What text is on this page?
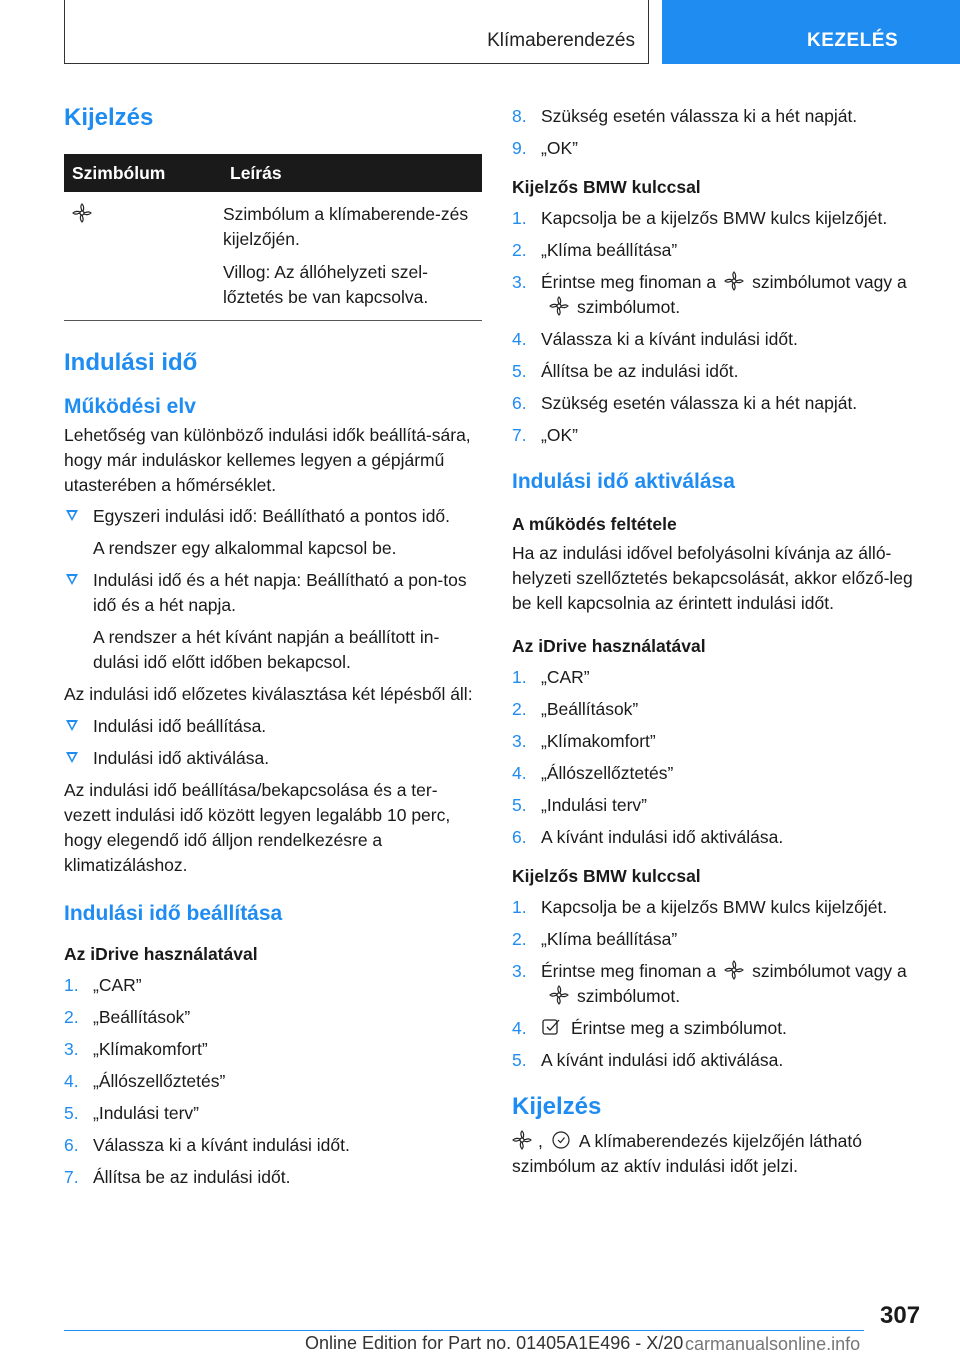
Klímaberendezés	KEZELÉS
Kijelzés
Szimbólum	Leírás

Szimbólum a klímaberende-zés kijelzőjén.

Villog: Az állóhelyzeti szel-lőztetés be van kapcsolva.

Indulási idő
Működési elv

Lehetőség van különböző indulási idők beállítá-sára, hogy már induláskor kellemes legyen a gépjármű utasterében a hőmérséklet.

Egyszeri indulási idő: Beállítható a pontos idő.

A rendszer egy alkalommal kapcsol be.

Indulási idő és a hét napja: Beállítható a pon-tos idő és a hét napja.

A rendszer a hét kívánt napján a beállított in-dulási idő előtt időben bekapcsol.

Az indulási idő előzetes kiválasztása két lépésből áll:

Indulási idő beállítása.
Indulási idő aktiválása.

Az indulási idő beállítása/bekapcsolása és a ter-vezett indulási idő között legyen legalább 10 perc, hogy elegendő idő álljon rendelkezésre a klimatizáláshoz.

Indulási idő beállítása

Az iDrive használatával

1. „CAR”
2. „Beállítások”
3. „Klímakomfort”
4. „Állószellőztetés”
5. „Indulási terv”
6. Válassza ki a kívánt indulási időt.
7. Állítsa be az indulási időt.
8. Szükség esetén válassza ki a hét napját.
9. „OK”

Kijelzős BMW kulccsal

1. Kapcsolja be a kijelzős BMW kulcs kijelzőjét.
2. „Klíma beállítása”
3. Érintse meg finoman a szimbólumot vagy aszimbólumot.
4. Válassza ki a kívánt indulási időt.
5. Állítsa be az indulási időt.
6. Szükség esetén válassza ki a hét napját.
7. „OK”
Indulási idő aktiválása

A működés feltétele

Ha az indulási idővel befolyásolni kívánja az álló-helyzeti szellőztetés bekapcsolását, akkor előző-leg be kell kapcsolnia az érintett indulási időt.

Az iDrive használatával

1. „CAR”
2. „Beállítások”
3. „Klímakomfort”
4. „Állószellőztetés”
5. „Indulási terv”
6. A kívánt indulási idő aktiválása.

Kijelzős BMW kulccsal

1. Kapcsolja be a kijelzős BMW kulcs kijelzőjét.
2. „Klíma beállítása”
3. Érintse meg finoman a szimbólumot vagy aszimbólumot.
4.	Érintse meg a szimbólumot.
5. A kívánt indulási idő aktiválása.
Kijelzés

, A klímaberendezés kijelzőjén látható szimbólum az aktív indulási időt jelzi.

307
Online Edition for Part no. 01405A1E496 - X/20 carmanualsonline.info
